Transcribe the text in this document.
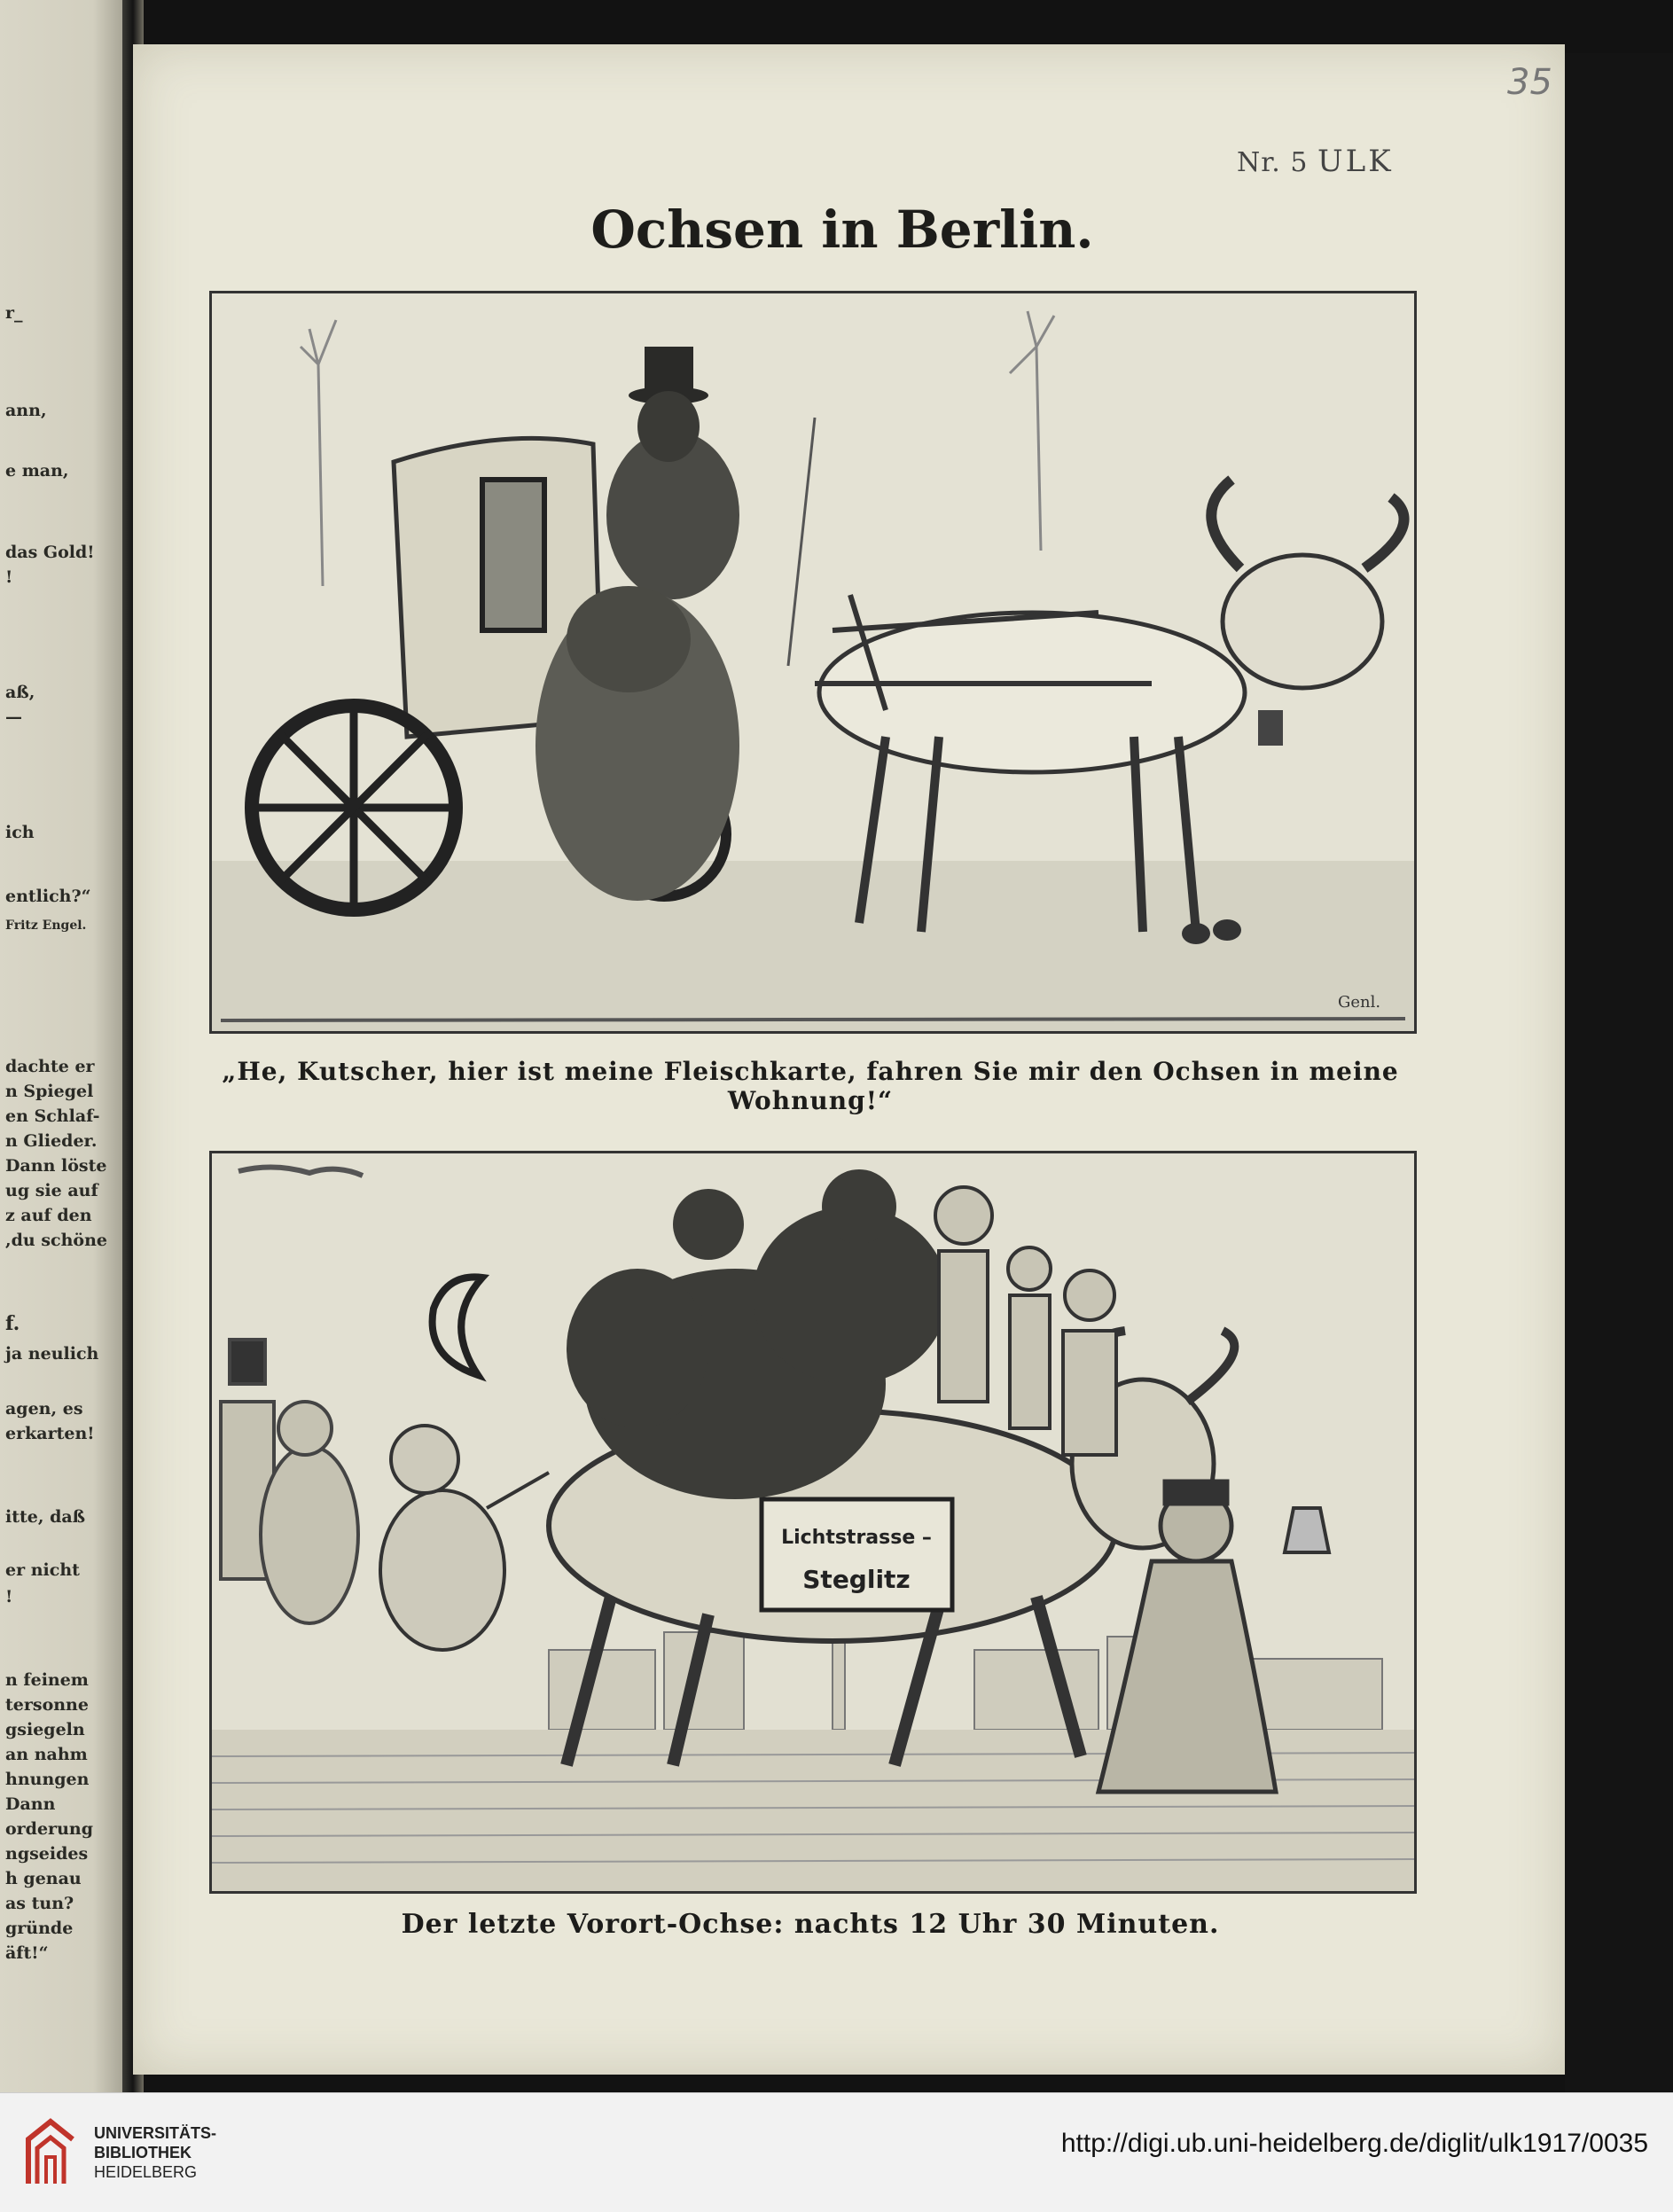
r_
ann,
e man,
das Gold!
!
aß,
—
ich
entlich?“
Fritz Engel.
dachte er
n Spiegel
en Schlaf-
n Glieder.
Dann löste
ug sie auf
z auf den
,du schöne
f.
ja neulich
agen, es
erkarten!
itte, daß
er nicht
!
n feinem
tersonne
gsiegeln
an nahm
hnungen
Dann
orderung
ngseides
h genau
as tun?
gründe
äft!“
35
Nr. 5 ULK
Ochsen in Berlin.
Genl.
„He, Kutscher, hier ist meine Fleischkarte, fahren Sie mir den Ochsen in meine Wohnung!“
Lichtstrasse –
Steglitz
Der letzte Vorort-Ochse: nachts 12 Uhr 30 Minuten.
UNIVERSITÄTS-
BIBLIOTHEK
HEIDELBERG
http://digi.ub.uni-heidelberg.de/diglit/ulk1917/0035
